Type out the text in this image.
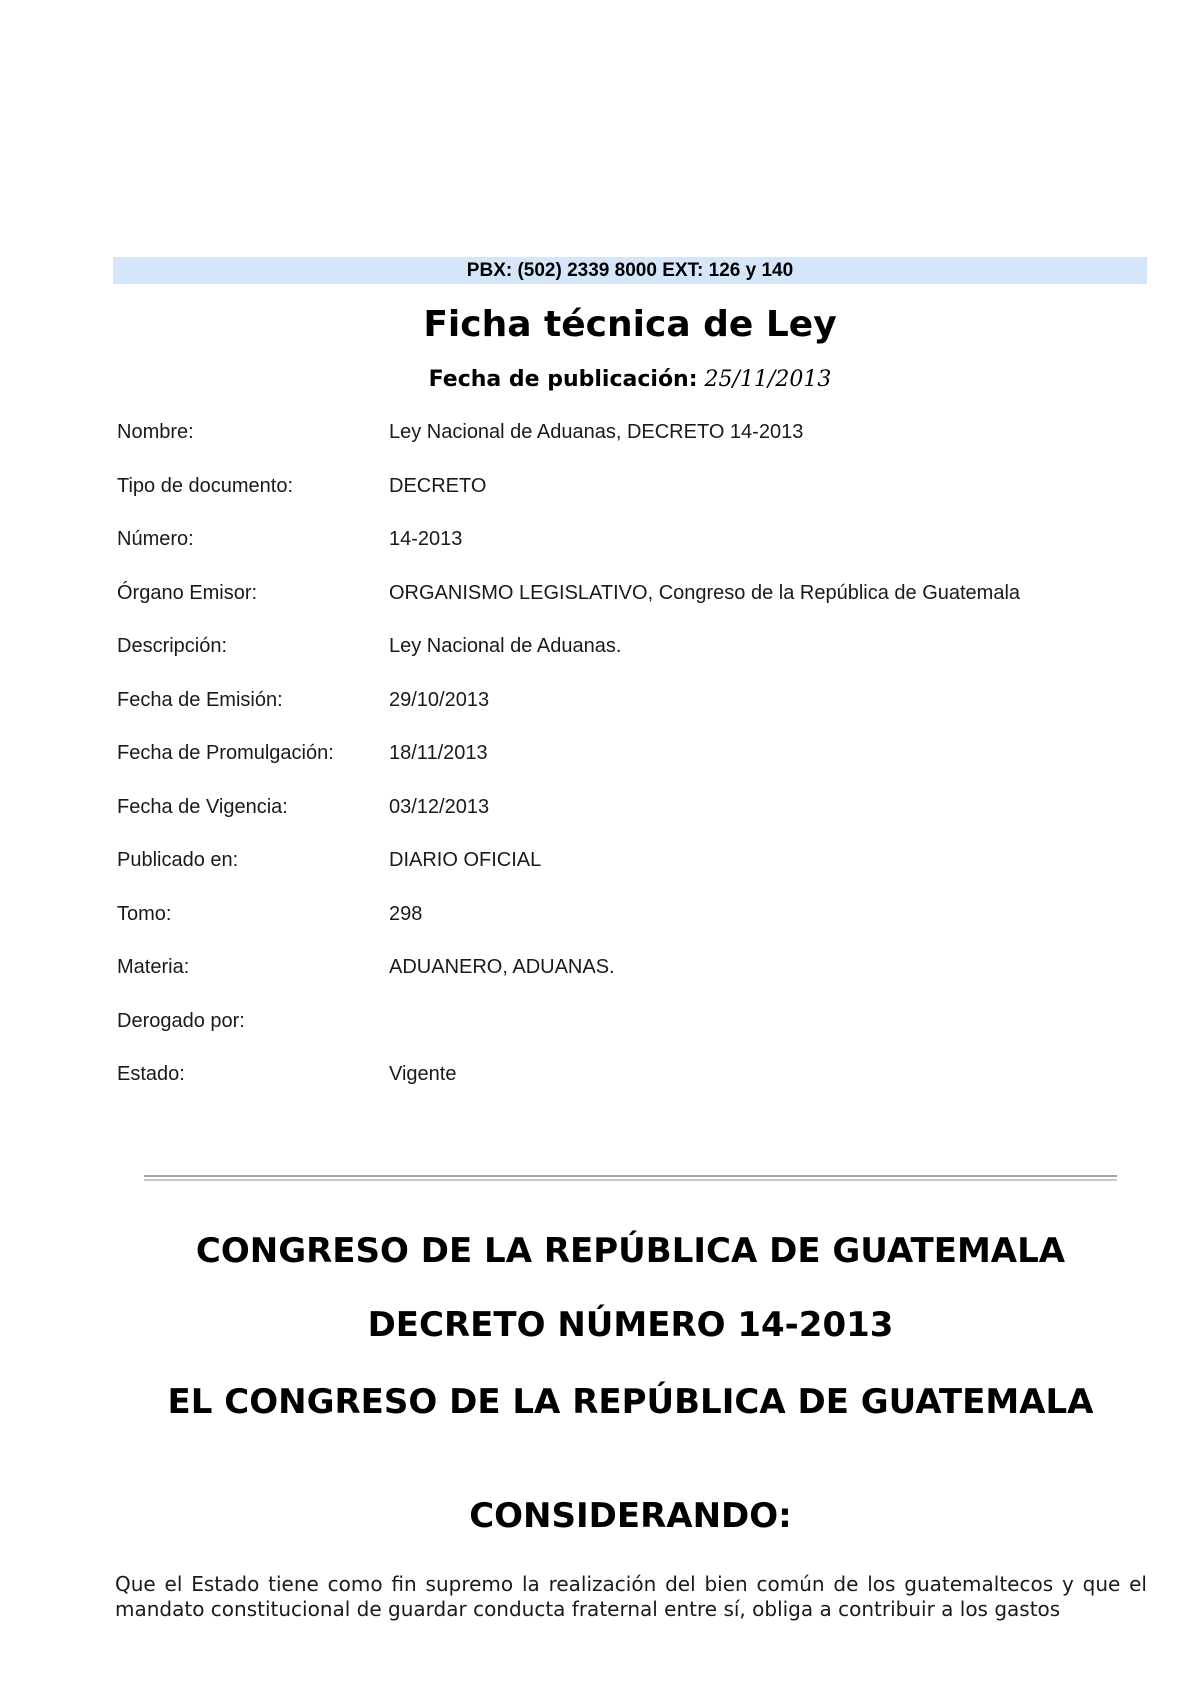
PBX: (502) 2339 8000 EXT: 126 y 140
Ficha técnica de Ley
Fecha de publicación: 25/11/2013
Nombre:	Ley Nacional de Aduanas, DECRETO 14-2013
Tipo de documento:	DECRETO
Número:	14-2013
Órgano Emisor:	ORGANISMO LEGISLATIVO, Congreso de la República de Guatemala
Descripción:	Ley Nacional de Aduanas.
Fecha de Emisión:	29/10/2013
Fecha de Promulgación:	18/11/2013
Fecha de Vigencia:	03/12/2013
Publicado en:	DIARIO OFICIAL
Tomo:	298
Materia:	ADUANERO, ADUANAS.
Derogado por:
Estado:	Vigente
CONGRESO DE LA REPÚBLICA DE GUATEMALA
DECRETO NÚMERO 14-2013
EL CONGRESO DE LA REPÚBLICA DE GUATEMALA
CONSIDERANDO:
Que el Estado tiene como fin supremo la realización del bien común de los guatemaltecos y que el mandato constitucional de guardar conducta fraternal entre sí, obliga a contribuir a los gastos
